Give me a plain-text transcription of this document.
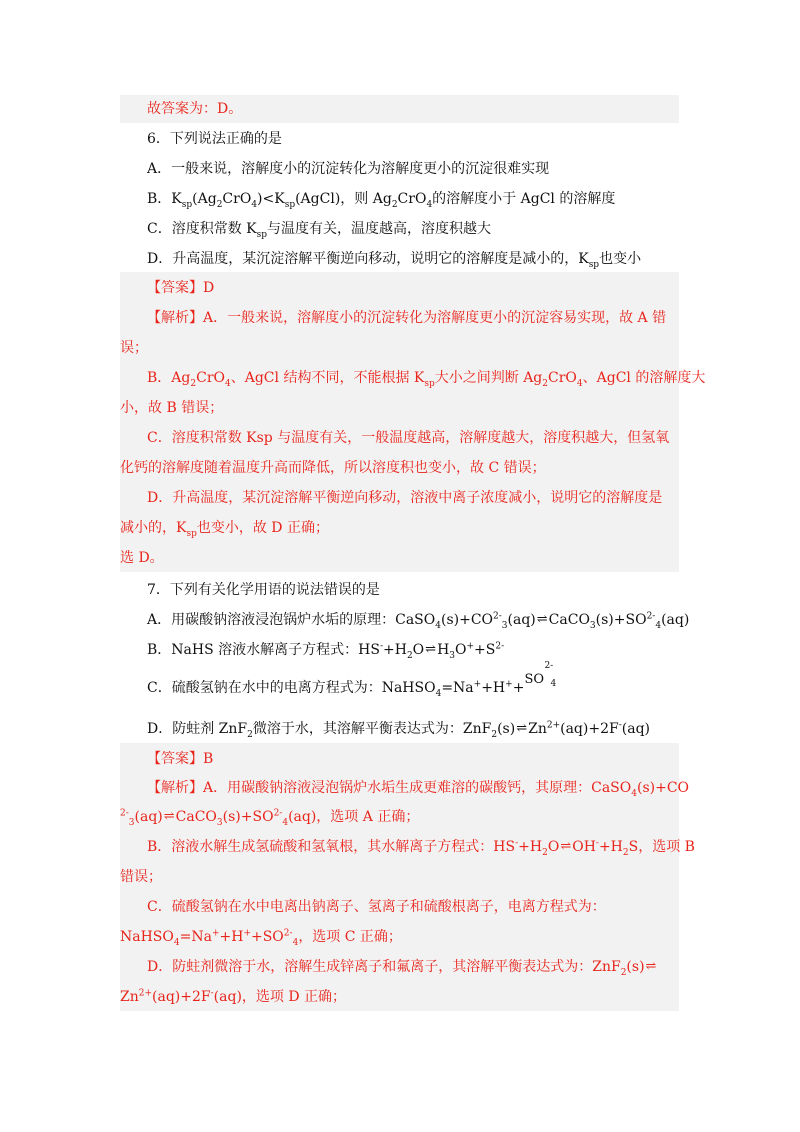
故答案为：D。
6．下列说法正确的是
A．一般来说，溶解度小的沉淀转化为溶解度更小的沉淀很难实现
B．$K_{sp}(Ag_2CrO_4)<K_{sp}(AgCl)$，则 $Ag_2CrO_4$的溶解度小于 AgCl 的溶解度
C．溶度积常数 $K_{sp}$与温度有关，温度越高，溶度积越大
D．升高温度，某沉淀溶解平衡逆向移动，说明它的溶解度是减小的，$K_{sp}$也变小
【答案】D
【解析】A．一般来说，溶解度小的沉淀转化为溶解度更小的沉淀容易实现，故 A 错
误；
B．$Ag_2CrO_4$、AgCl 结构不同，不能根据 $K_{sp}$大小之间判断 $Ag_2CrO_4$、AgCl 的溶解度大
小，故 B 错误；
C．溶度积常数 Ksp 与温度有关，一般温度越高，溶解度越大，溶度积越大，但氢氧
化钙的溶解度随着温度升高而降低，所以溶度积也变小，故 C 错误；
D．升高温度，某沉淀溶解平衡逆向移动，溶液中离子浓度减小，说明它的溶解度是
减小的，$K_{sp}$也变小，故 D 正确；
选 D。
7．下列有关化学用语的说法错误的是
A．用碳酸钠溶液浸泡锅炉水垢的原理：$CaSO_4(s)+CO^{2-}_3(aq)\rightleftharpoons CaCO_3(s)+SO^{2-}_4(aq)$
B．NaHS 溶液水解离子方程式：$HS^-+H_2O\rightleftharpoons H_3O^++S^{2-}$
C．硫酸氢钠在水中的电离方程式为：NaHSO$_4$=Na++H++
SO
2-
4
D．防蛀剂 ZnF$_2$微溶于水，其溶解平衡表达式为：$ZnF_2(s)\rightleftharpoons Zn^{2+}(aq)+2F^-(aq)$
【答案】B
【解析】A．用碳酸钠溶液浸泡锅炉水垢生成更难溶的碳酸钙，其原理：CaSO$_4$(s)+CO
$^{2-}_3(aq)\rightleftharpoons CaCO_3(s)+SO^{2-}_4(aq)$，选项 A 正确；
B．溶液水解生成氢硫酸和氢氧根，其水解离子方程式：$HS^-+H_2O\rightleftharpoons OH^-+H_2S$，选项 B
错误；
C．硫酸氢钠在水中电离出钠离子、氢离子和硫酸根离子，电离方程式为：
$NaHSO_4=Na^++H^++SO^{2-}_4$，选项 C 正确；
D．防蛀剂微溶于水，溶解生成锌离子和氟离子，其溶解平衡表达式为：ZnF$_2$(s)⇌
$Zn^{2+}(aq)+2F^-(aq)$，选项 D 正确；
